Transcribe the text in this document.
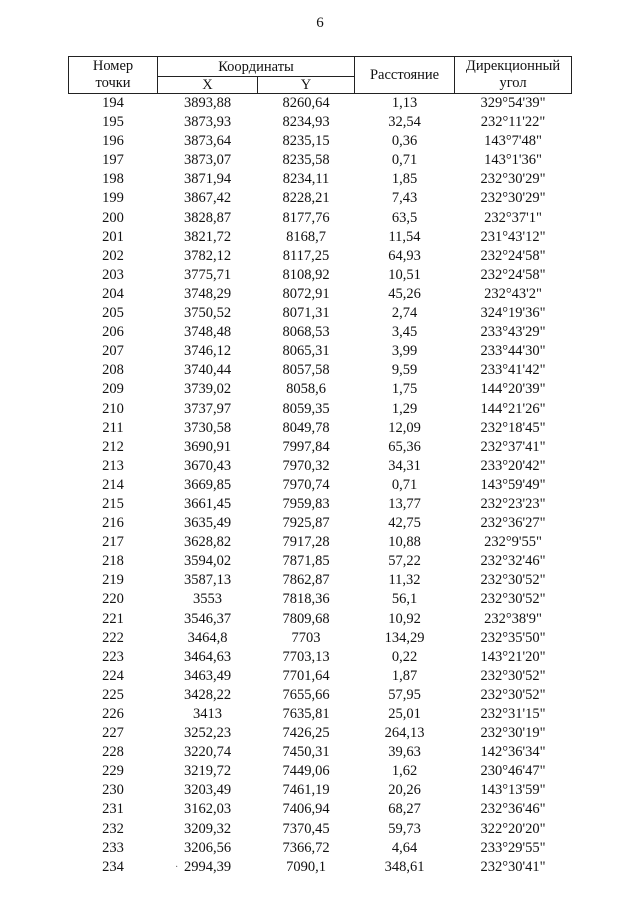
6
Номер
точки	Координаты		Расстояние	Дирекционный
угол

	X	Y		
194	3893,88	8260,64	1,13	329°54'39"
195	3873,93	8234,93	32,54	232°11'22"
196	3873,64	8235,15	0,36	143°7'48"
197	3873,07	8235,58	0,71	143°1'36"
198	3871,94	8234,11	1,85	232°30'29"
199	3867,42	8228,21	7,43	232°30'29"
200	3828,87	8177,76	63,5	232°37'1"
201	3821,72	8168,7	11,54	231°43'12"
202	3782,12	8117,25	64,93	232°24'58"
203	3775,71	8108,92	10,51	232°24'58"
204	3748,29	8072,91	45,26	232°43'2"
205	3750,52	8071,31	2,74	324°19'36"
206	3748,48	8068,53	3,45	233°43'29"
207	3746,12	8065,31	3,99	233°44'30"
208	3740,44	8057,58	9,59	233°41'42"
209	3739,02	8058,6	1,75	144°20'39"
210	3737,97	8059,35	1,29	144°21'26"
211	3730,58	8049,78	12,09	232°18'45"
212	3690,91	7997,84	65,36	232°37'41"
213	3670,43	7970,32	34,31	233°20'42"
214	3669,85	7970,74	0,71	143°59'49"
215	3661,45	7959,83	13,77	232°23'23"
216	3635,49	7925,87	42,75	232°36'27"
217	3628,82	7917,28	10,88	232°9'55"
218	3594,02	7871,85	57,22	232°32'46"
219	3587,13	7862,87	11,32	232°30'52"
220	3553	7818,36	56,1	232°30'52"
221	3546,37	7809,68	10,92	232°38'9"
222	3464,8	7703	134,29	232°35'50"
223	3464,63	7703,13	0,22	143°21'20"
224	3463,49	7701,64	1,87	232°30'52"
225	3428,22	7655,66	57,95	232°30'52"
226	3413	7635,81	25,01	232°31'15"
227	3252,23	7426,25	264,13	232°30'19"
228	3220,74	7450,31	39,63	142°36'34"
229	3219,72	7449,06	1,62	230°46'47"
230	3203,49	7461,19	20,26	143°13'59"
231	3162,03	7406,94	68,27	232°36'46"
232	3209,32	7370,45	59,73	322°20'20"
233	3206,56	7366,72	4,64	233°29'55"
234	2994,39	7090,1	348,61	232°30'41"
·
